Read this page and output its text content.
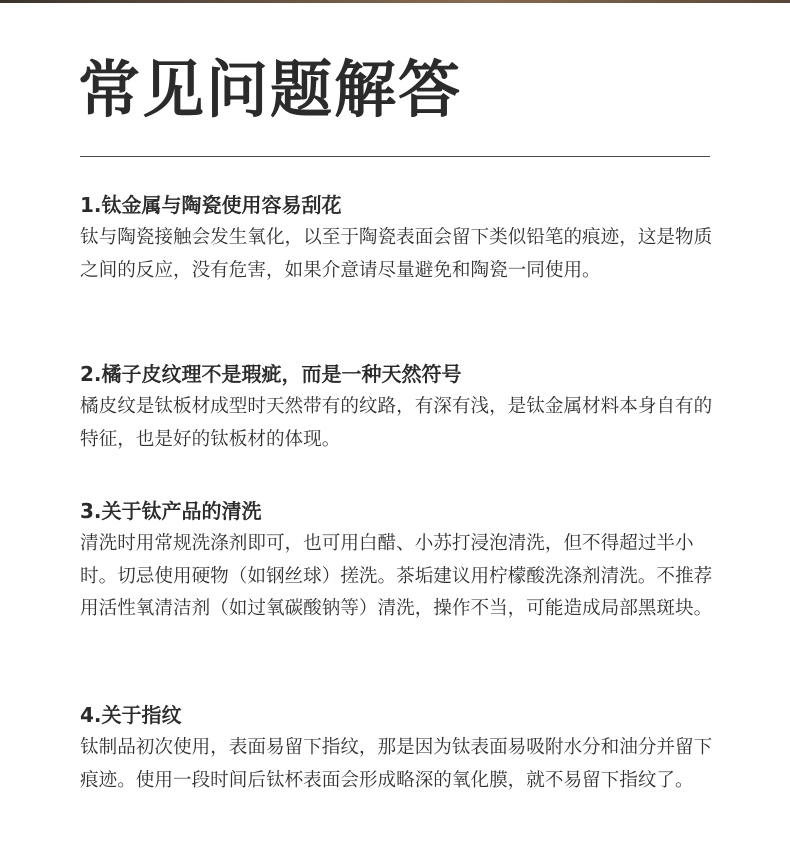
常见问题解答

1.钛金属与陶瓷使用容易刮花

钛与陶瓷接触会发生氧化，以至于陶瓷表面会留下类似铅笔的痕迹，这是物质之间的反应，没有危害，如果介意请尽量避免和陶瓷一同使用。

2.橘子皮纹理不是瑕疵，而是一种天然符号

橘皮纹是钛板材成型时天然带有的纹路，有深有浅，是钛金属材料本身自有的特征，也是好的钛板材的体现。

3.关于钛产品的清洗

清洗时用常规洗涤剂即可，也可用白醋、小苏打浸泡清洗，但不得超过半小时。切忌使用硬物（如钢丝球）搓洗。茶垢建议用柠檬酸洗涤剂清洗。不推荐用活性氧清洁剂（如过氧碳酸钠等）清洗，操作不当，可能造成局部黑斑块。

4.关于指纹

钛制品初次使用，表面易留下指纹，那是因为钛表面易吸附水分和油分并留下痕迹。使用一段时间后钛杯表面会形成略深的氧化膜，就不易留下指纹了。
